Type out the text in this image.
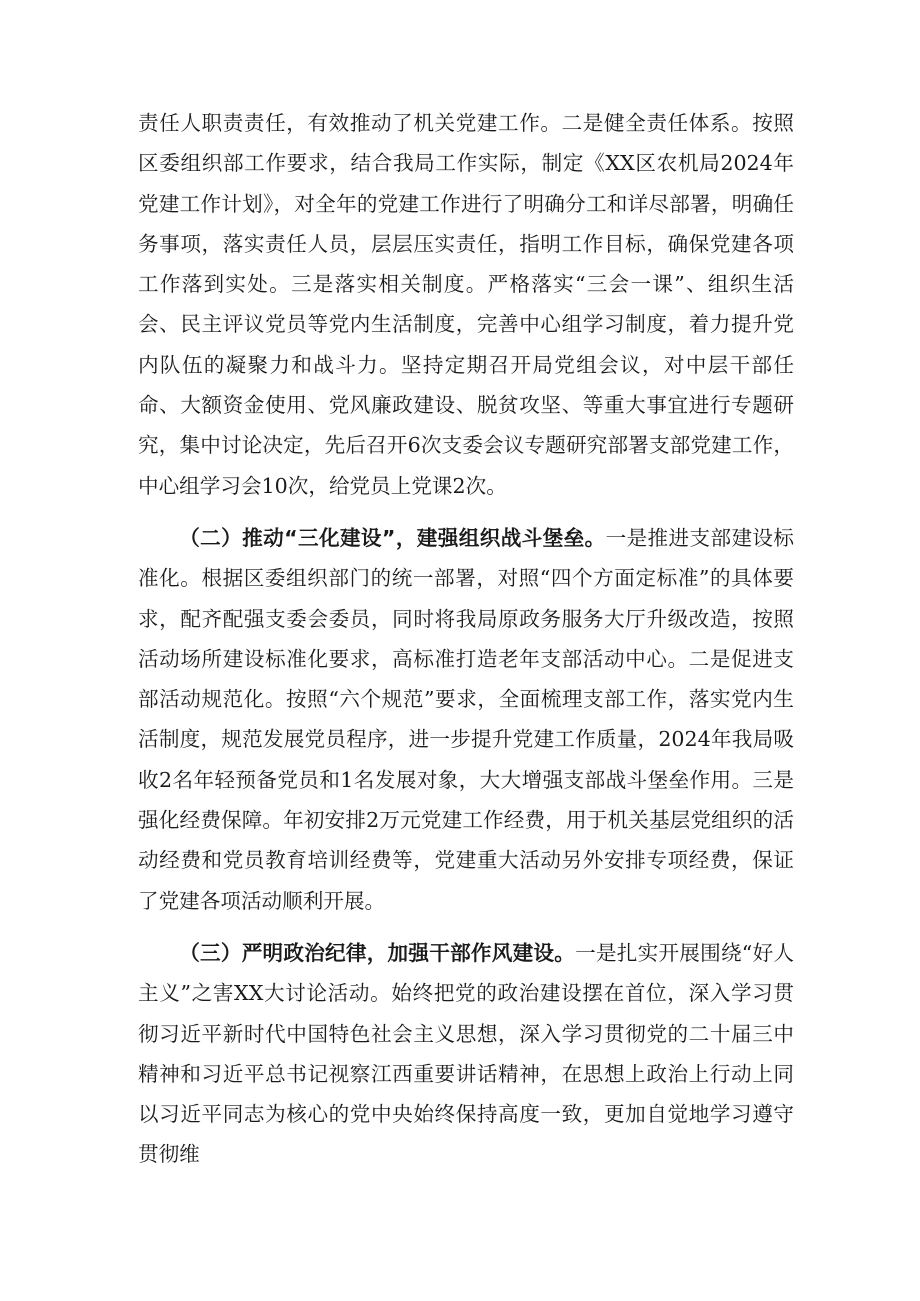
责任人职责责任，有效推动了机关党建工作。二是健全责任体系。按照区委组织部工作要求，结合我局工作实际，制定《XX区农机局2024年党建工作计划》，对全年的党建工作进行了明确分工和详尽部署，明确任务事项，落实责任人员，层层压实责任，指明工作目标，确保党建各项工作落到实处。三是落实相关制度。严格落实“三会一课”、组织生活会、民主评议党员等党内生活制度，完善中心组学习制度，着力提升党内队伍的凝聚力和战斗力。坚持定期召开局党组会议，对中层干部任命、大额资金使用、党风廉政建设、脱贫攻坚、等重大事宜进行专题研究，集中讨论决定，先后召开6次支委会议专题研究部署支部党建工作，中心组学习会10次，给党员上党课2次。

（二）推动“三化建设”，建强组织战斗堡垒。一是推进支部建设标准化。根据区委组织部门的统一部署，对照“四个方面定标准”的具体要求，配齐配强支委会委员，同时将我局原政务服务大厅升级改造，按照活动场所建设标准化要求，高标准打造老年支部活动中心。二是促进支部活动规范化。按照“六个规范”要求，全面梳理支部工作，落实党内生活制度，规范发展党员程序，进一步提升党建工作质量，2024年我局吸收2名年轻预备党员和1名发展对象，大大增强支部战斗堡垒作用。三是强化经费保障。年初安排2万元党建工作经费，用于机关基层党组织的活动经费和党员教育培训经费等，党建重大活动另外安排专项经费，保证了党建各项活动顺利开展。

（三）严明政治纪律，加强干部作风建设。一是扎实开展围绕“好人主义”之害XX大讨论活动。始终把党的政治建设摆在首位，深入学习贯彻习近平新时代中国特色社会主义思想，深入学习贯彻党的二十届三中精神和习近平总书记视察江西重要讲话精神，在思想上政治上行动上同以习近平同志为核心的党中央始终保持高度一致，更加自觉地学习遵守贯彻维
